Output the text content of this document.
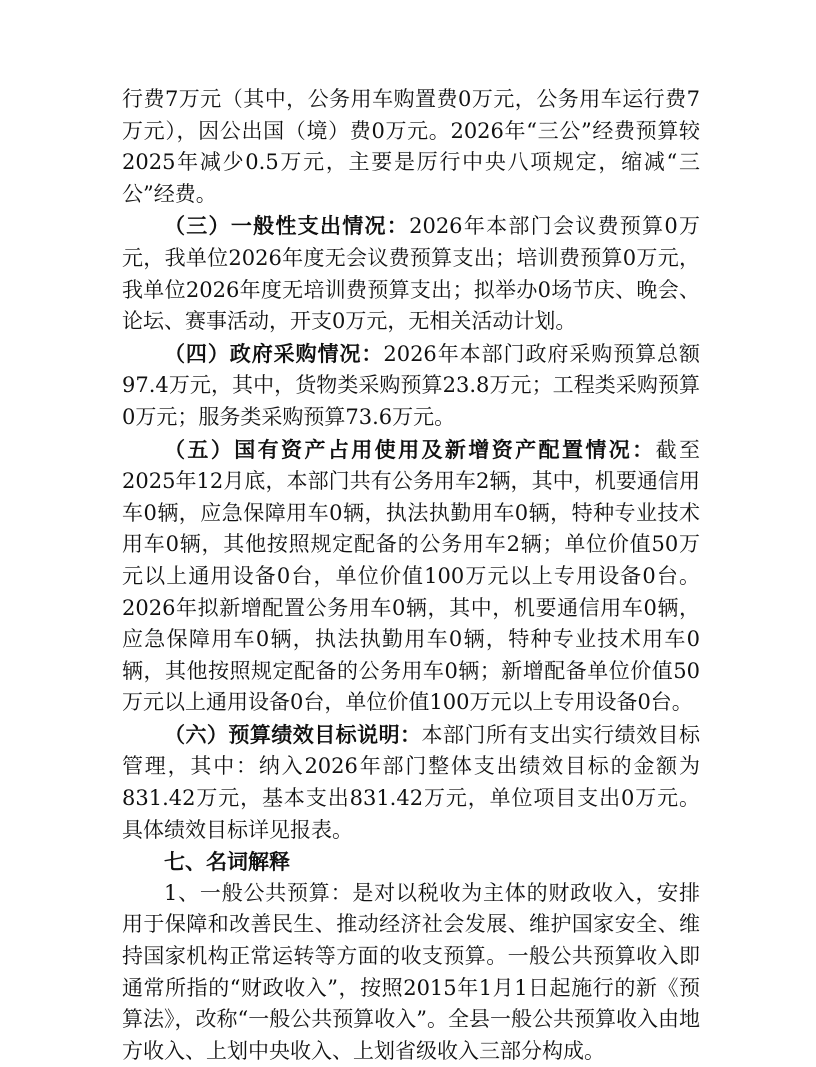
行费7万元（其中，公务用车购置费0万元，公务用车运行费7万元），因公出国（境）费0万元。2026年“三公”经费预算较2025年减少0.5万元，主要是厉行中央八项规定，缩减“三公”经费。

（三）一般性支出情况：2026年本部门会议费预算0万元，我单位2026年度无会议费预算支出；培训费预算0万元，我单位2026年度无培训费预算支出；拟举办0场节庆、晚会、论坛、赛事活动，开支0万元，无相关活动计划。

（四）政府采购情况：2026年本部门政府采购预算总额97.4万元，其中，货物类采购预算23.8万元；工程类采购预算0万元；服务类采购预算73.6万元。

（五）国有资产占用使用及新增资产配置情况：截至2025年12月底，本部门共有公务用车2辆，其中，机要通信用车0辆，应急保障用车0辆，执法执勤用车0辆，特种专业技术用车0辆，其他按照规定配备的公务用车2辆；单位价值50万元以上通用设备0台，单位价值100万元以上专用设备0台。2026年拟新增配置公务用车0辆，其中，机要通信用车0辆，应急保障用车0辆，执法执勤用车0辆，特种专业技术用车0辆，其他按照规定配备的公务用车0辆；新增配备单位价值50万元以上通用设备0台，单位价值100万元以上专用设备0台。

（六）预算绩效目标说明：本部门所有支出实行绩效目标管理，其中：纳入2026年部门整体支出绩效目标的金额为831.42万元，基本支出831.42万元，单位项目支出0万元。具体绩效目标详见报表。

七、名词解释

1、一般公共预算：是对以税收为主体的财政收入，安排用于保障和改善民生、推动经济社会发展、维护国家安全、维持国家机构正常运转等方面的收支预算。一般公共预算收入即通常所指的“财政收入”，按照2015年1月1日起施行的新《预算法》，改称“一般公共预算收入”。全县一般公共预算收入由地方收入、上划中央收入、上划省级收入三部分构成。
